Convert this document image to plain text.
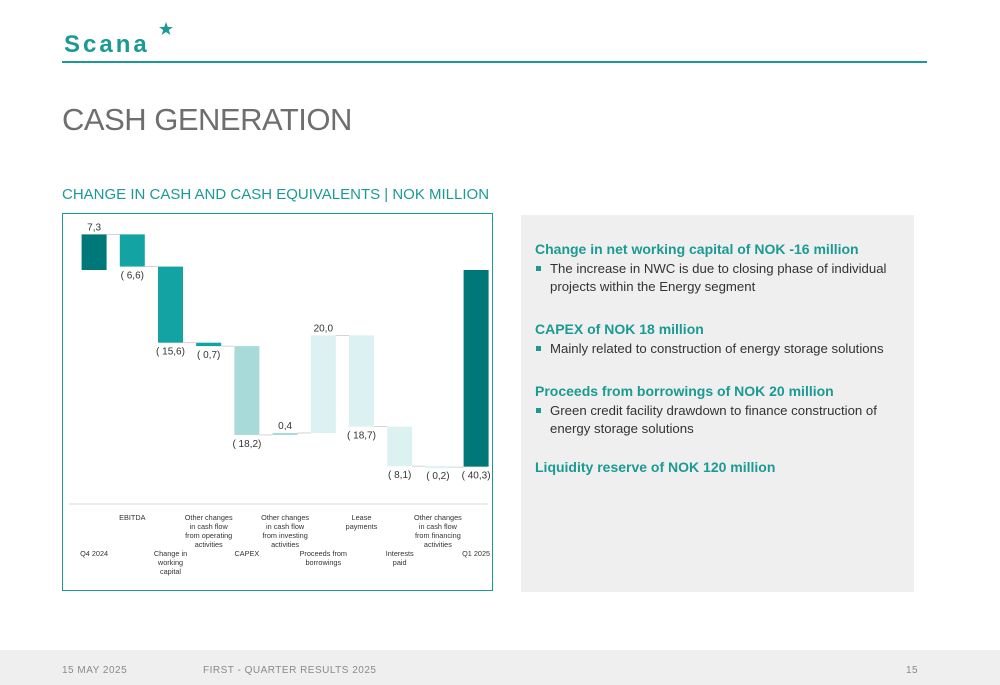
Scana
CASH GENERATION
CHANGE IN CASH AND CASH EQUIVALENTS | NOK MILLION
7,3
( 6,6)
( 15,6) ( 0,7)
( 18,2)
0,4
20,0
( 18,7)
( 8,1) ( 0,2) ( 40,3)
Q4 2024
EBITDA
Change in working capital
Other changes in cash flow from operating activities
CAPEX
Other changes in cash flow from investing activities
Proceeds from borrowings
Lease payments
Interests paid
Other changes in cash flow from financing activities
Q1 2025
Change in net working capital of NOK -16 million
The increase in NWC is due to closing phase of individual projects within the Energy segment
CAPEX of NOK 18 million
Mainly related to construction of energy storage solutions
Proceeds from borrowings of NOK 20 million
Green credit facility drawdown to finance construction of energy storage solutions
Liquidity reserve of NOK 120 million
15 MAY 2025	FIRST - QUARTER RESULTS 2025	15
